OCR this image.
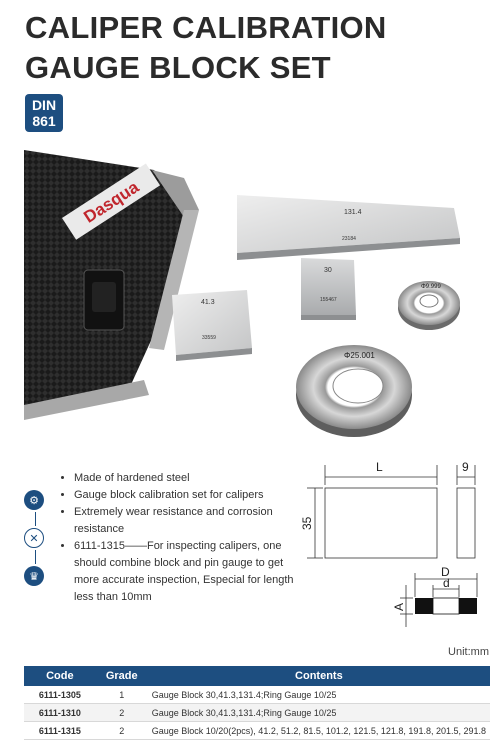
CALIPER CALIBRATION
GAUGE BLOCK SET
DIN
861
Dasqua	131.4
23184
30
155467
41.3
33559
Φ9.999
Φ25.001
⚙
✕
♛
• Made of hardened steel
• Gauge block calibration set for calipers
• Extremely wear resistance and corrosion resistance
• 6111-1315——For inspecting calipers, one should combine block and pin gauge to get more accurate inspection, Especial for length less than 10mm
L	9
35
D
d
A
Unit:mm
Code	Grade	Contents
6111-1305	1	Gauge Block 30,41.3,131.4;Ring Gauge 10/25
6111-1310	2	Gauge Block 30,41.3,131.4;Ring Gauge 10/25
6111-1315	2	Gauge Block 10/20(2pcs), 41.2, 51.2, 81.5, 101.2, 121.5, 121.8, 191.8, 201.5, 291.8
